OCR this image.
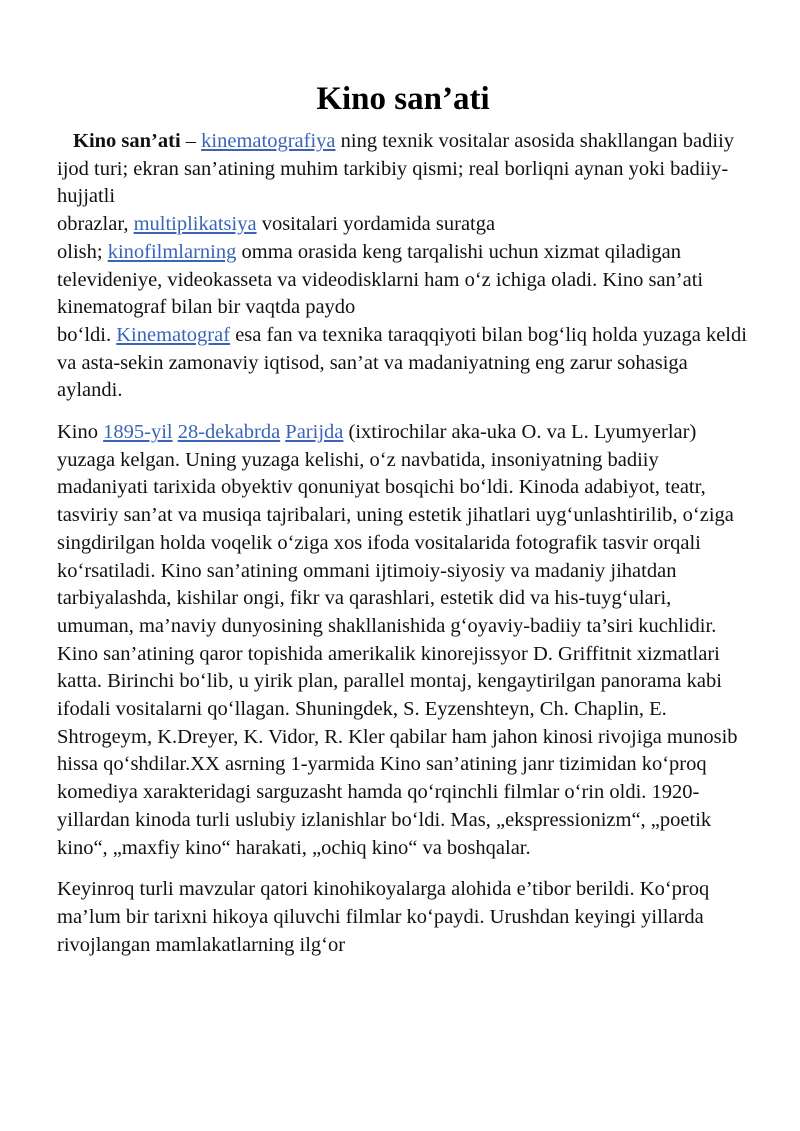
Kino san’ati

Kino san’ati – kinematografiya ning texnik vositalar asosida shakllangan badiiy ijod turi; ekran san’atining muhim tarkibiy qismi; real borliqni aynan yoki badiiy-hujjatli
obrazlar, multiplikatsiya vositalari yordamida suratga
olish; kinofilmlarning omma orasida keng tarqalishi uchun xizmat qiladigan televideniye, videokasseta va videodisklarni ham o‘z ichiga oladi. Kino san’ati kinematograf bilan bir vaqtda paydo
bo‘ldi. Kinematograf esa fan va texnika taraqqiyoti bilan bog‘liq holda yuzaga keldi va asta-sekin zamonaviy iqtisod, san’at va madaniyatning eng zarur sohasiga aylandi.

Kino 1895-yil 28-dekabrda Parijda (ixtirochilar aka-uka O. va L. Lyumyerlar) yuzaga kelgan. Uning yuzaga kelishi, o‘z navbatida, insoniyatning badiiy madaniyati tarixida obyektiv qonuniyat bosqichi bo‘ldi. Kinoda adabiyot, teatr, tasviriy san’at va musiqa tajribalari, uning estetik jihatlari uyg‘unlashtirilib, o‘ziga singdirilgan holda voqelik o‘ziga xos ifoda vositalarida fotografik tasvir orqali ko‘rsatiladi. Kino san’atining ommani ijtimoiy-siyosiy va madaniy jihatdan tarbiyalashda, kishilar ongi, fikr va qarashlari, estetik did va his-tuyg‘ulari, umuman, ma’naviy dunyosining shakllanishida g‘oyaviy-badiiy ta’siri kuchlidir. Kino san’atining qaror topishida amerikalik kinorejissyor D. Griffitnit xizmatlari katta. Birinchi bo‘lib, u yirik plan, parallel montaj, kengaytirilgan panorama kabi ifodali vositalarni qo‘llagan. Shuningdek, S. Eyzenshteyn, Ch. Chaplin, E. Shtrogeym, K.Dreyer, K. Vidor, R. Kler qabilar ham jahon kinosi rivojiga munosib hissa qo‘shdilar.XX asrning 1-yarmida Kino san’atining janr tizimidan ko‘proq komediya xarakteridagi sarguzasht hamda qo‘rqinchli filmlar o‘rin oldi. 1920-yillardan kinoda turli uslubiy izlanishlar bo‘ldi. Mas, „ekspressionizm“, „poetik kino“, „maxfiy kino“ harakati, „ochiq kino“ va boshqalar.

Keyinroq turli mavzular qatori kinohikoyalarga alohida e’tibor berildi. Ko‘proq ma’lum bir tarixni hikoya qiluvchi filmlar ko‘paydi. Urushdan keyingi yillarda rivojlangan mamlakatlarning ilg‘or
